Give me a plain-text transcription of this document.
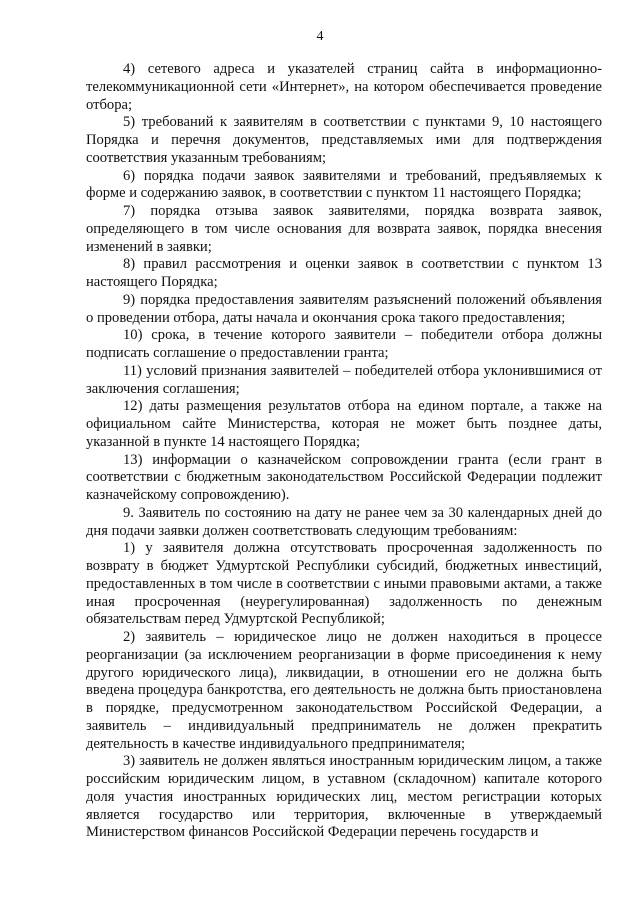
4

4) сетевого адреса и указателей страниц сайта в информационно-телекоммуникационной сети «Интернет», на котором обеспечивается проведение отбора;

5) требований к заявителям в соответствии с пунктами 9, 10 настоящего Порядка и перечня документов, представляемых ими для подтверждения соответствия указанным требованиям;

6) порядка подачи заявок заявителями и требований, предъявляемых к форме и содержанию заявок, в соответствии с пунктом 11 настоящего Порядка;

7) порядка отзыва заявок заявителями, порядка возврата заявок, определяющего в том числе основания для возврата заявок, порядка внесения изменений в заявки;

8) правил рассмотрения и оценки заявок в соответствии с пунктом 13 настоящего Порядка;

9) порядка предоставления заявителям разъяснений положений объявления о проведении отбора, даты начала и окончания срока такого предоставления;

10) срока, в течение которого заявители – победители отбора должны подписать соглашение о предоставлении гранта;

11) условий признания заявителей – победителей отбора уклонившимися от заключения соглашения;

12) даты размещения результатов отбора на едином портале, а также на официальном сайте Министерства, которая не может быть позднее даты, указанной в пункте 14 настоящего Порядка;

13) информации о казначейском сопровождении гранта (если грант в соответствии с бюджетным законодательством Российской Федерации подлежит казначейскому сопровождению).

9. Заявитель по состоянию на дату не ранее чем за 30 календарных дней до дня подачи заявки должен соответствовать следующим требованиям:

1) у заявителя должна отсутствовать просроченная задолженность по возврату в бюджет Удмуртской Республики субсидий, бюджетных инвестиций, предоставленных в том числе в соответствии с иными правовыми актами, а также иная просроченная (неурегулированная) задолженность по денежным обязательствам перед Удмуртской Республикой;

2) заявитель – юридическое лицо не должен находиться в процессе реорганизации (за исключением реорганизации в форме присоединения к нему другого юридического лица), ликвидации, в отношении его не должна быть введена процедура банкротства, его деятельность не должна быть приостановлена в порядке, предусмотренном законодательством Российской Федерации, а заявитель – индивидуальный предприниматель не должен прекратить деятельность в качестве индивидуального предпринимателя;

3) заявитель не должен являться иностранным юридическим лицом, а также российским юридическим лицом, в уставном (складочном) капитале которого доля участия иностранных юридических лиц, местом регистрации которых является государство или территория, включенные в утверждаемый Министерством финансов Российской Федерации перечень государств и
